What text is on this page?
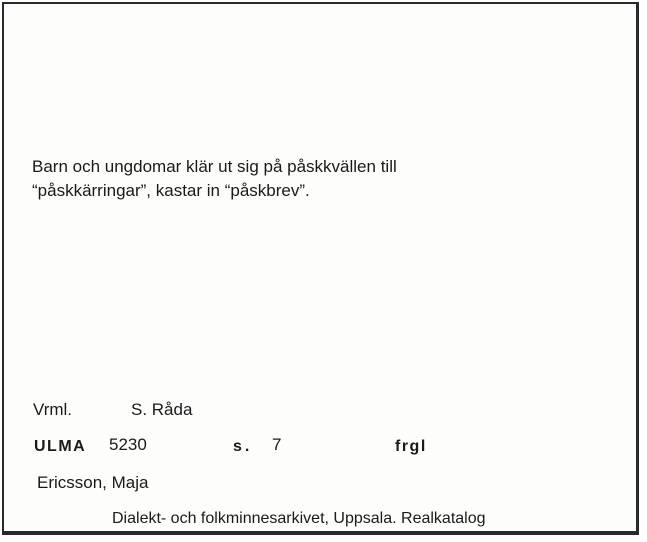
Barn och ungdomar klär ut sig på påskkvällen till
“påskkärringar”, kastar in “påskbrev”.

Vrml.	S. Råda
ULMA 5230	s. 7	frgl
Ericsson, Maja
Dialekt- och folkminnesarkivet, Uppsala. Realkatalog
